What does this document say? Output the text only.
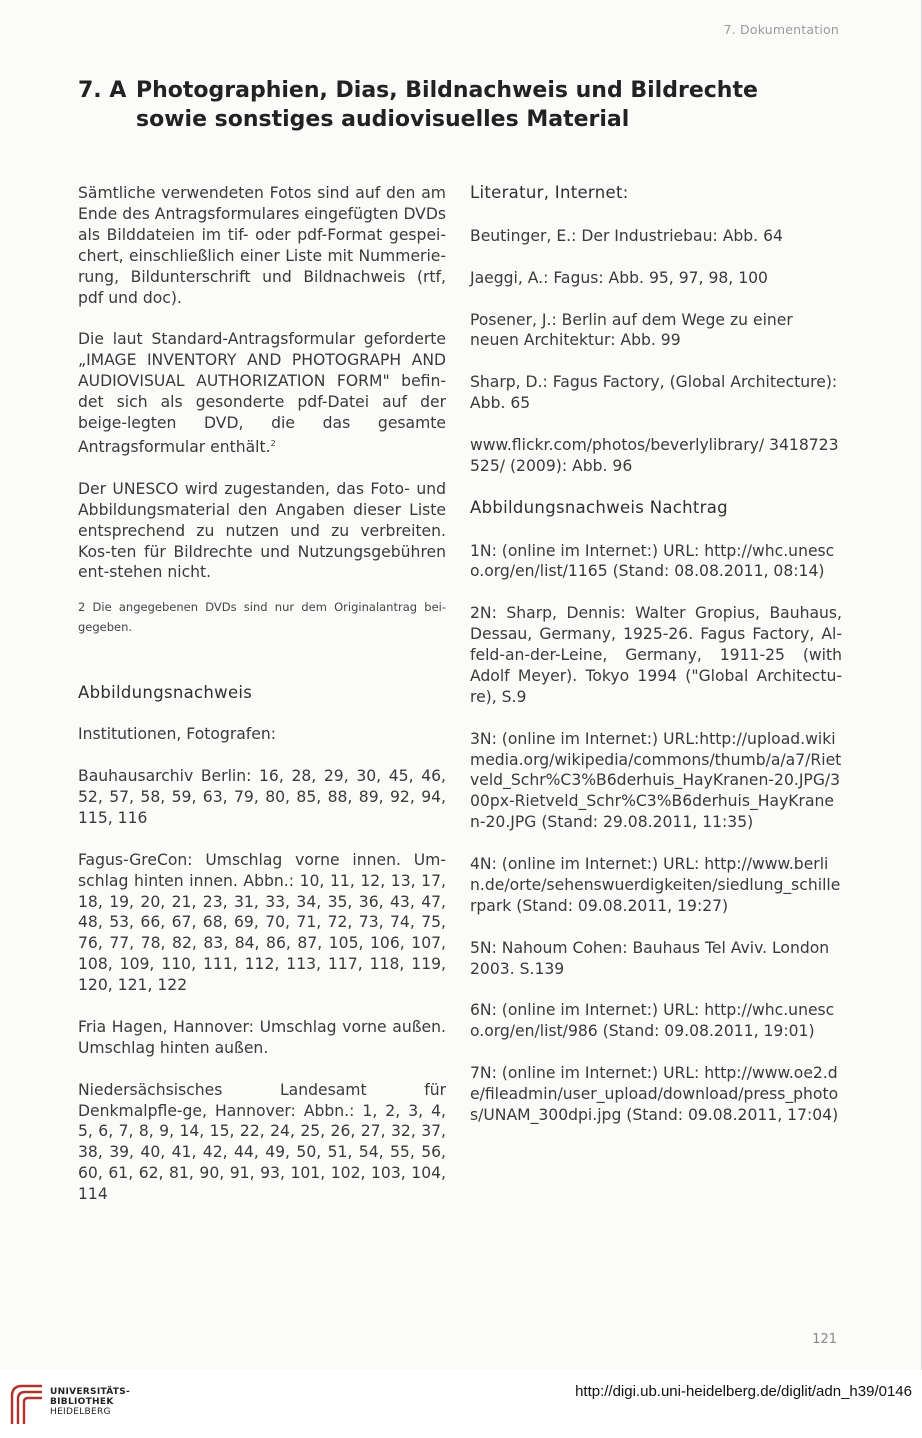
7. Dokumentation
7. A Photographien, Dias, Bildnachweis und Bildrechte
sowie sonstiges audiovisuelles Material

Sämtliche verwendeten Fotos sind auf den am Ende des Antragsformulares eingefügten DVDs als Bilddateien im tif- oder pdf-Format gespei-chert, einschließlich einer Liste mit Nummerie-rung, Bildunterschrift und Bildnachweis (rtf, pdf und doc).

Die laut Standard-Antragsformular geforderte „IMAGE INVENTORY AND PHOTOGRAPH AND AUDIOVISUAL AUTHORIZATION FORM" befin-det sich als gesonderte pdf-Datei auf der beige-legten DVD, die das gesamte Antragsformular enthält.$^2$

Der UNESCO wird zugestanden, das Foto- und Abbildungsmaterial den Angaben dieser Liste entsprechend zu nutzen und zu verbreiten. Kos-ten für Bildrechte und Nutzungsgebühren ent-stehen nicht.

2 Die angegebenen DVDs sind nur dem Originalantrag bei-gegeben.

Abbildungsnachweis

Institutionen, Fotografen:

Bauhausarchiv Berlin: 16, 28, 29, 30, 45, 46, 52, 57, 58, 59, 63, 79, 80, 85, 88, 89, 92, 94, 115, 116

Fagus-GreCon: Umschlag vorne innen. Um-schlag hinten innen. Abbn.: 10, 11, 12, 13, 17, 18, 19, 20, 21, 23, 31, 33, 34, 35, 36, 43, 47, 48, 53, 66, 67, 68, 69, 70, 71, 72, 73, 74, 75, 76, 77, 78, 82, 83, 84, 86, 87, 105, 106, 107, 108, 109, 110, 111, 112, 113, 117, 118, 119, 120, 121, 122

Fria Hagen, Hannover: Umschlag vorne außen. Umschlag hinten außen.

Niedersächsisches Landesamt für Denkmalpfle-ge, Hannover: Abbn.: 1, 2, 3, 4, 5, 6, 7, 8, 9, 14, 15, 22, 24, 25, 26, 27, 32, 37, 38, 39, 40, 41, 42, 44, 49, 50, 51, 54, 55, 56, 60, 61, 62, 81, 90, 91, 93, 101, 102, 103, 104, 114

Literatur, Internet:

Beutinger, E.: Der Industriebau: Abb. 64

Jaeggi, A.: Fagus: Abb. 95, 97, 98, 100

Posener, J.: Berlin auf dem Wege zu einer neuen Architektur: Abb. 99

Sharp, D.: Fagus Factory, (Global Architecture): Abb. 65

www.flickr.com/photos/beverlylibrary/ 3418723525/ (2009): Abb. 96

Abbildungsnachweis Nachtrag

1N: (online im Internet:) URL: http://whc.unesco.org/en/list/1165 (Stand: 08.08.2011, 08:14)

2N: Sharp, Dennis: Walter Gropius, Bauhaus, Dessau, Germany, 1925-26. Fagus Factory, Al-feld-an-der-Leine, Germany, 1911-25 (with Adolf Meyer). Tokyo 1994 ("Global Architectu-re), S.9

3N: (online im Internet:) URL:http://upload.wikimedia.org/wikipedia/commons/thumb/a/a7/Rietveld_Schr%C3%B6derhuis_HayKranen-20.JPG/300px-Rietveld_Schr%C3%B6derhuis_HayKranen-20.JPG (Stand: 29.08.2011, 11:35)

4N: (online im Internet:) URL: http://www.berlin.de/orte/sehenswuerdigkeiten/siedlung_schillerpark (Stand: 09.08.2011, 19:27)

5N: Nahoum Cohen: Bauhaus Tel Aviv. London 2003. S.139

6N: (online im Internet:) URL: http://whc.unesco.org/en/list/986 (Stand: 09.08.2011, 19:01)

7N: (online im Internet:) URL: http://www.oe2.de/fileadmin/user_upload/download/press_photos/UNAM_300dpi.jpg (Stand: 09.08.2011, 17:04)

121
UNIVERSITÄTS-
BIBLIOTHEK
HEIDELBERG
http://digi.ub.uni-heidelberg.de/diglit/adn_h39/0146
